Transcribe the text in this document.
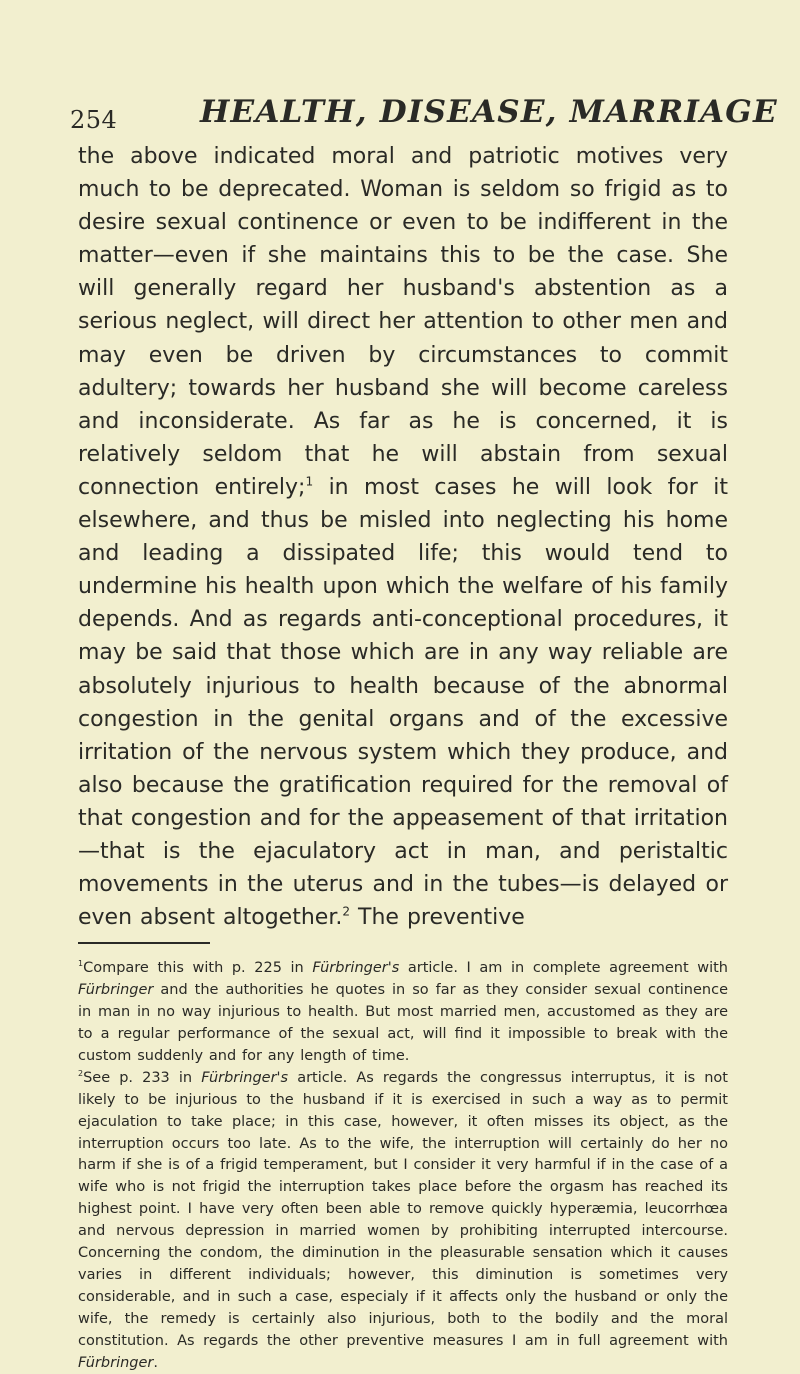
254	HEALTH, DISEASE, MARRIAGE
the above indicated moral and patriotic motives very much to be deprecated. Woman is seldom so frigid as to desire sexual continence or even to be indifferent in the matter—even if she maintains this to be the case. She will generally regard her husband's abstention as a serious neglect, will direct her attention to other men and may even be driven by circumstances to commit adultery; towards her husband she will become careless and inconsiderate. As far as he is concerned, it is relatively seldom that he will abstain from sexual connection entirely;$^1$ in most cases he will look for it elsewhere, and thus be misled into neglecting his home and leading a dissipated life; this would tend to undermine his health upon which the welfare of his family depends. And as regards anti-conceptional procedures, it may be said that those which are in any way reliable are absolutely injurious to health because of the abnormal congestion in the genital organs and of the excessive irritation of the nervous system which they produce, and also because the gratification required for the removal of that congestion and for the appeasement of that irritation—that is the ejaculatory act in man, and peristaltic movements in the uterus and in the tubes—is delayed or even absent altogether.$^2$ The preventive

$^1$Compare this with p. 225 in Fürbringer's article. I am in complete agreement with Fürbringer and the authorities he quotes in so far as they consider sexual continence in man in no way injurious to health. But most married men, accustomed as they are to a regular performance of the sexual act, will find it impossible to break with the custom suddenly and for any length of time.

$^2$See p. 233 in Fürbringer's article. As regards the congressus interruptus, it is not likely to be injurious to the husband if it is exercised in such a way as to permit ejaculation to take place; in this case, however, it often misses its object, as the interruption occurs too late. As to the wife, the interruption will certainly do her no harm if she is of a frigid temperament, but I consider it very harmful if in the case of a wife who is not frigid the interruption takes place before the orgasm has reached its highest point. I have very often been able to remove quickly hyperæmia, leucorrhœa and nervous depression in married women by prohibiting interrupted intercourse. Concerning the condom, the diminution in the pleasurable sensation which it causes varies in different individuals; however, this diminution is sometimes very considerable, and in such a case, especialy if it affects only the husband or only the wife, the remedy is certainly also injurious, both to the bodily and the moral constitution. As regards the other preventive measures I am in full agreement with Fürbringer.
